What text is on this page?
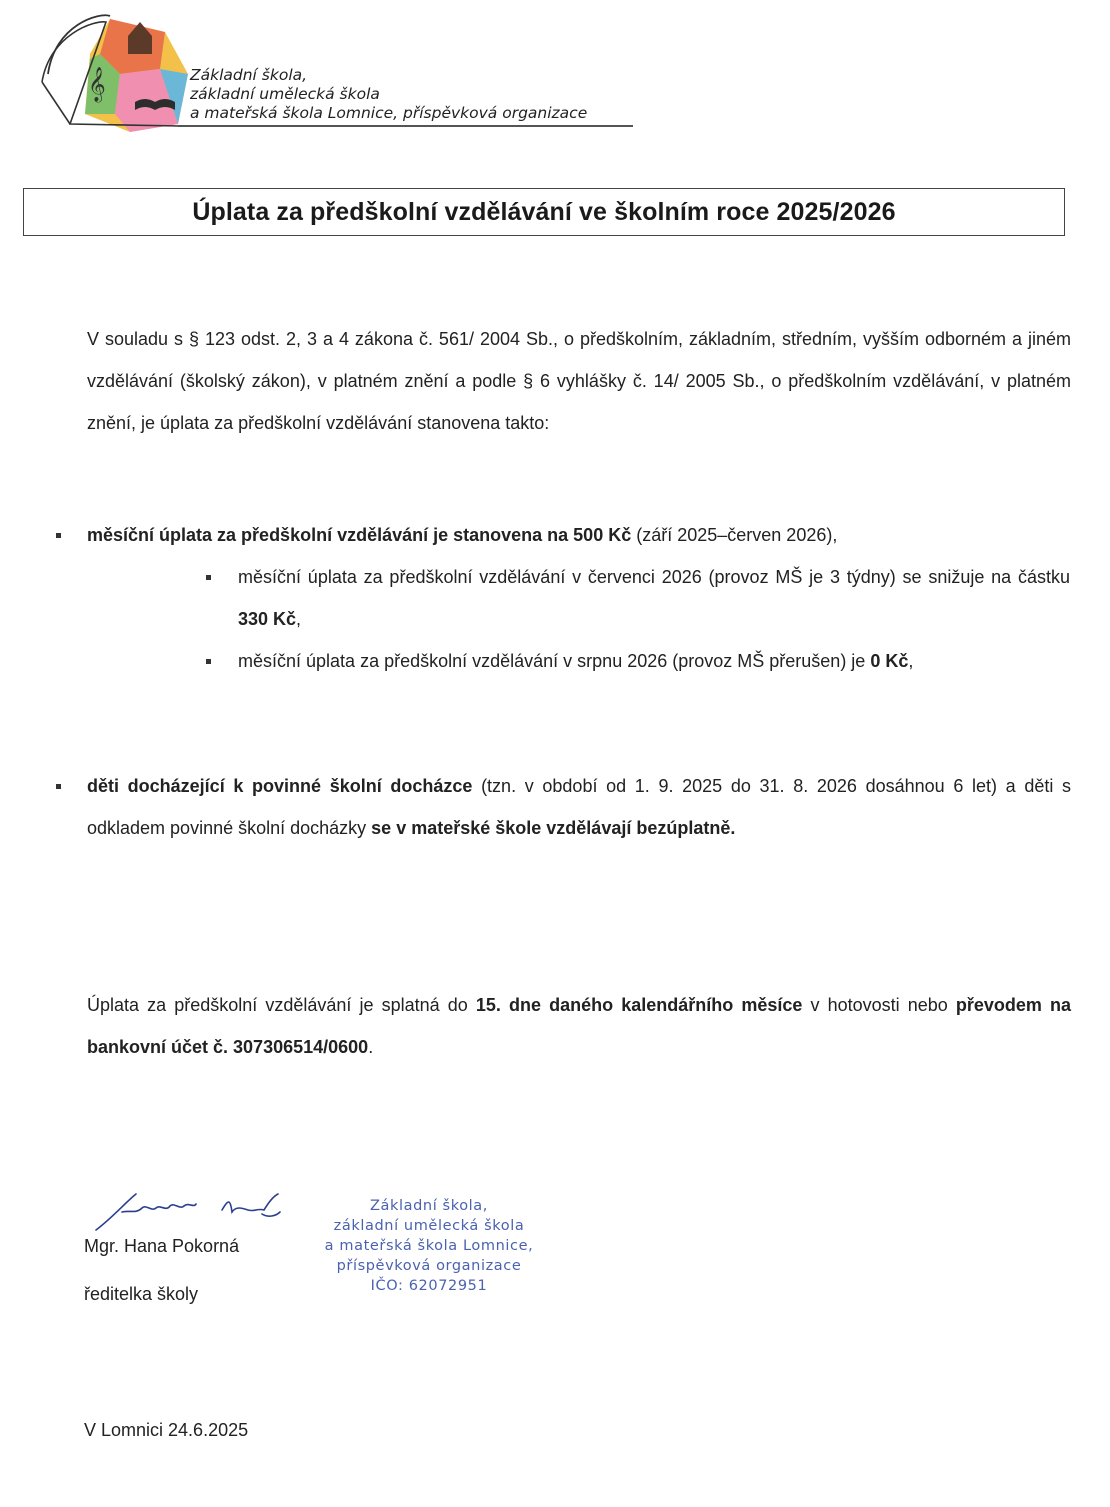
𝄞	Základní škola,
základní umělecká škola
a mateřská škola Lomnice, příspěvková organizace
Úplata za předškolní vzdělávání ve školním roce 2025/2026
V souladu s § 123 odst. 2, 3 a 4 zákona č. 561/ 2004 Sb., o předškolním, základním, středním, vyšším odborném a jiném vzdělávání (školský zákon), v platném znění a podle § 6 vyhlášky č. 14/ 2005 Sb., o předškolním vzdělávání, v platném znění, je úplata za předškolní vzdělávání stanovena takto:
měsíční úplata za předškolní vzdělávání je stanovena na 500 Kč (září 2025–červen 2026),
měsíční úplata za předškolní vzdělávání v červenci 2026 (provoz MŠ je 3 týdny) se snižuje na částku 330 Kč,
měsíční úplata za předškolní vzdělávání v srpnu 2026 (provoz MŠ přerušen) je 0 Kč,
děti docházející k povinné školní docházce (tzn. v období od 1. 9. 2025 do 31. 8. 2026 dosáhnou 6 let) a děti s odkladem povinné školní docházky se v mateřské škole vzdělávají bezúplatně.
Úplata za předškolní vzdělávání je splatná do 15. dne daného kalendářního měsíce v hotovosti nebo převodem na bankovní účet č. 307306514/0600.
Mgr. Hana Pokorná
ředitelka školy
Základní škola,
základní umělecká škola
a mateřská škola Lomnice,
příspěvková organizace
IČO: 62072951
V Lomnici 24.6.2025
